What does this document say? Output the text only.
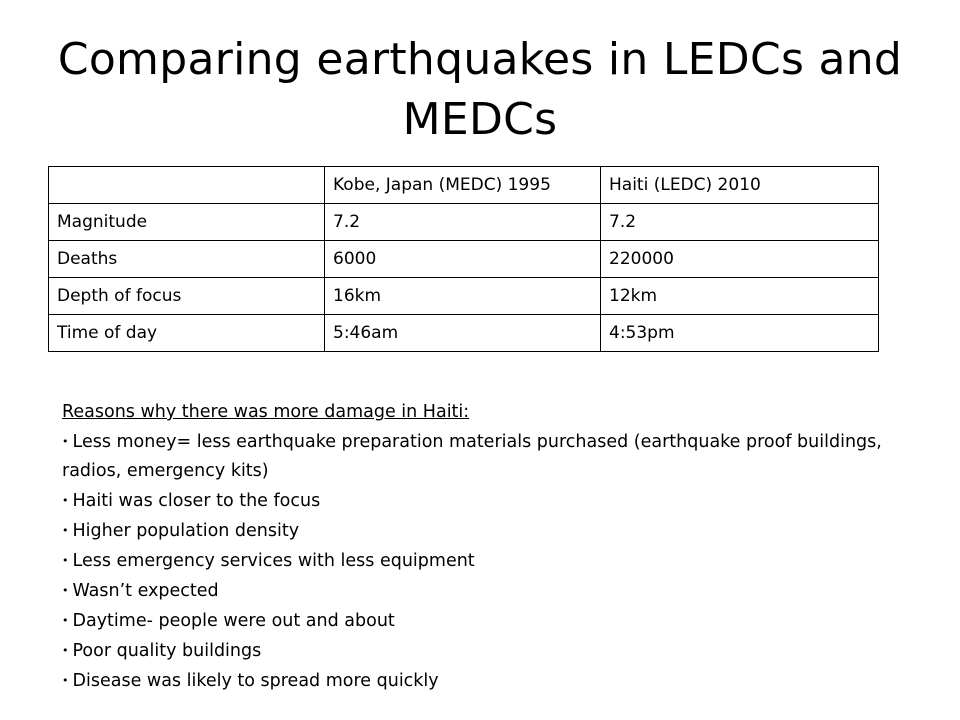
Comparing earthquakes in LEDCs and MEDCs
	Kobe, Japan (MEDC) 1995	Haiti (LEDC) 2010
Magnitude	7.2	7.2
Deaths	6000	220000
Depth of focus	16km	12km
Time of day	5:46am	4:53pm

Reasons why there was more damage in Haiti:

• Less money= less earthquake preparation materials purchased (earthquake proof buildings, radios, emergency kits)
• Haiti was closer to the focus
• Higher population density
• Less emergency services with less equipment
• Wasn’t expected
• Daytime- people were out and about
• Poor quality buildings
• Disease was likely to spread more quickly
